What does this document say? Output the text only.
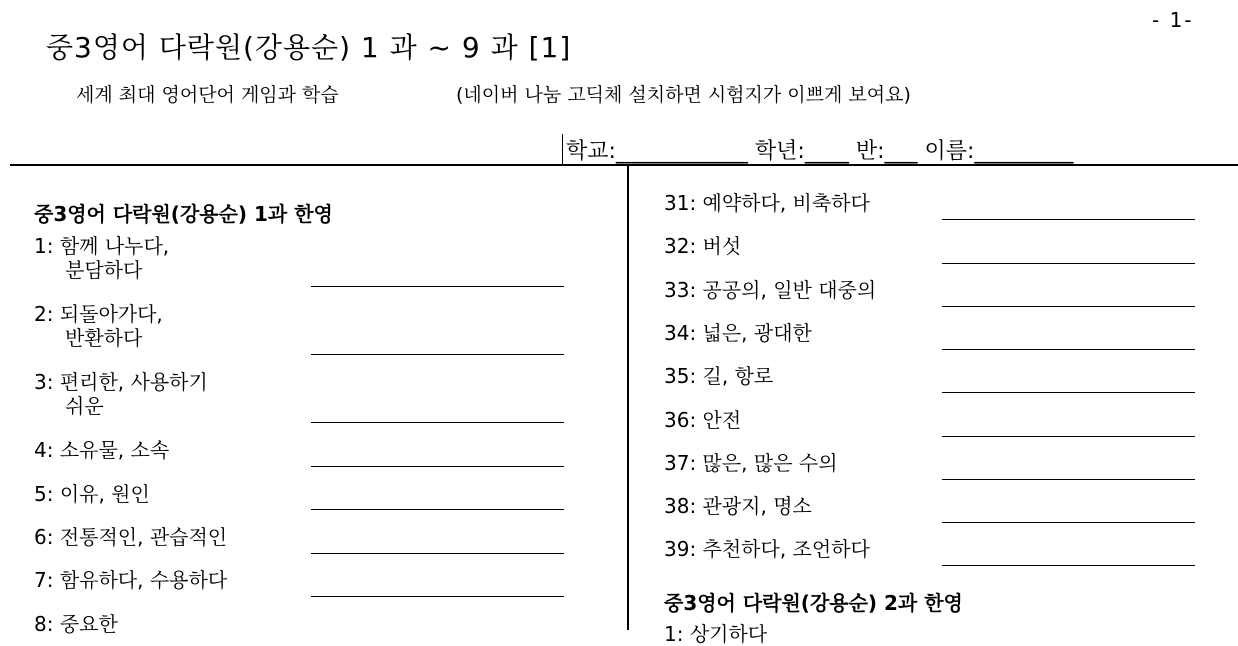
중3영어 다락원(강용순) 1 과 ~ 9 과 [1]
- 1-
세계 최대 영어단어 게임과 학습	(네이버 나눔 고딕체 설치하면 시험지가 이쁘게 보여요)
학교:____________ 학년:____ 반:___ 이름:_________
중3영어 다락원(강용순) 1과 한영
1: 함께 나누다,
분담하다
2: 되돌아가다,
반환하다
3: 편리한, 사용하기
쉬운
4: 소유물, 소속
5: 이유, 원인
6: 전통적인, 관습적인
7: 함유하다, 수용하다
8: 중요한
31: 예약하다, 비축하다
32: 버섯
33: 공공의, 일반 대중의
34: 넓은, 광대한
35: 길, 항로
36: 안전
37: 많은, 많은 수의
38: 관광지, 명소
39: 추천하다, 조언하다
중3영어 다락원(강용순) 2과 한영
1: 상기하다
